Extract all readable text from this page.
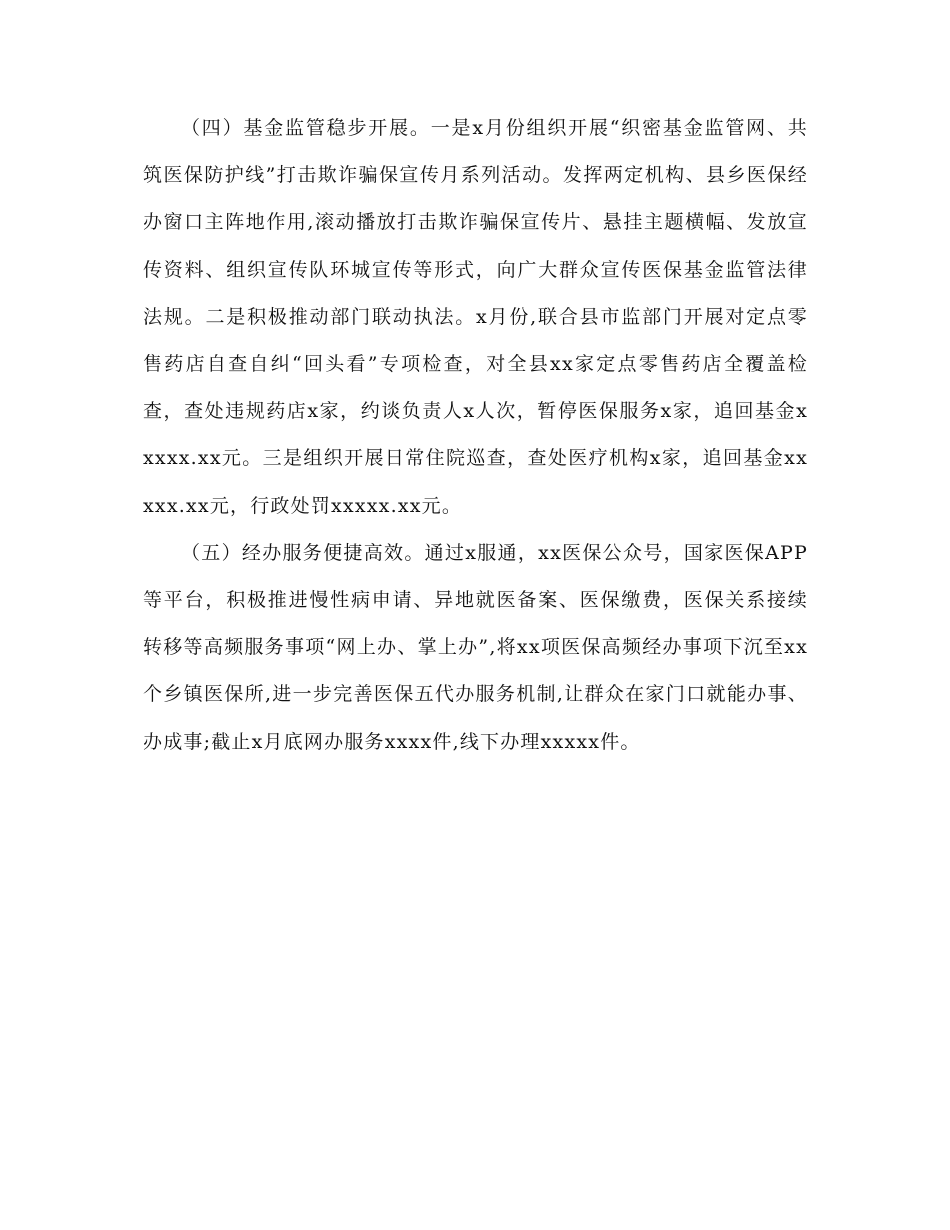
（四）基金监管稳步开展。一是x月份组织开展“织密基金监管网、共筑医保防护线”打击欺诈骗保宣传月系列活动。发挥两定机构、县乡医保经办窗口主阵地作用,滚动播放打击欺诈骗保宣传片、悬挂主题横幅、发放宣传资料、组织宣传队环城宣传等形式，向广大群众宣传医保基金监管法律法规。二是积极推动部门联动执法。x月份,联合县市监部门开展对定点零售药店自查自纠“回头看”专项检查，对全县xx家定点零售药店全覆盖检查，查处违规药店x家，约谈负责人x人次，暂停医保服务x家，追回基金xxxxx.xx元。三是组织开展日常住院巡查，查处医疗机构x家，追回基金xxxxx.xx元，行政处罚xxxxx.xx元。

（五）经办服务便捷高效。通过x服通，xx医保公众号，国家医保APP等平台，积极推进慢性病申请、异地就医备案、医保缴费，医保关系接续转移等高频服务事项“网上办、掌上办”,将xx项医保高频经办事项下沉至xx个乡镇医保所,进一步完善医保五代办服务机制,让群众在家门口就能办事、办成事;截止x月底网办服务xxxx件,线下办理xxxxx件。
